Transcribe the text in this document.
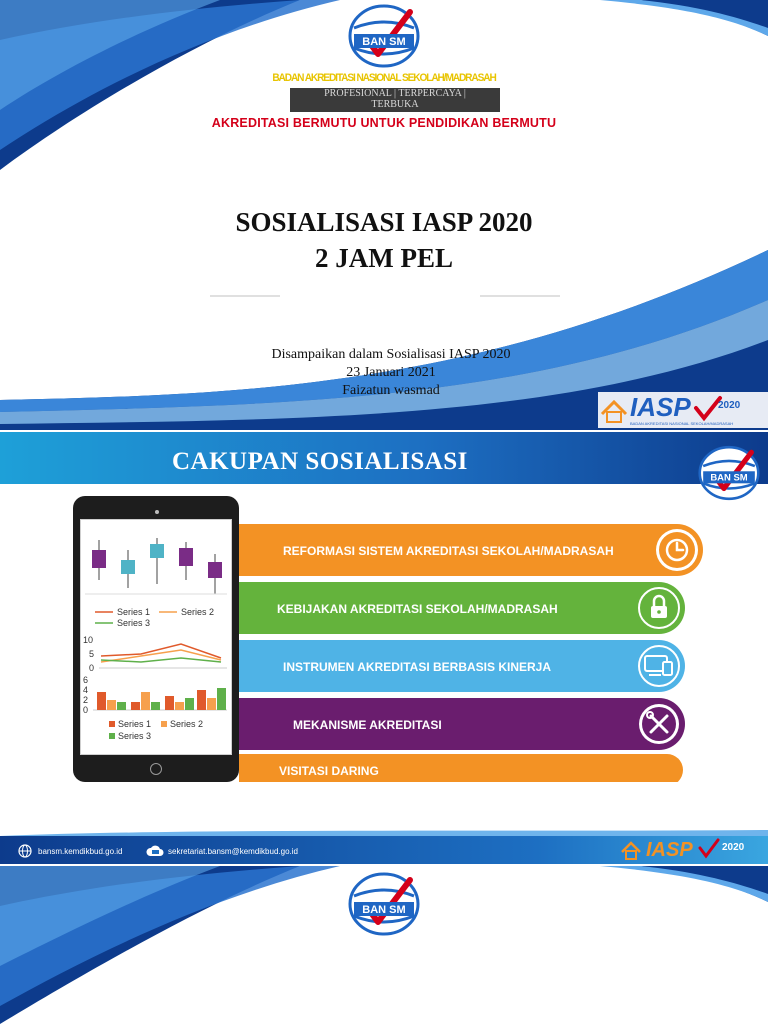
BAN SM
BADAN AKREDITASI NASIONAL SEKOLAH/MADRASAH
PROFESIONAL | TERPERCAYA |
TERBUKA
AKREDITASI BERMUTU UNTUK PENDIDIKAN BERMUTU
SOSIALISASI IASP 2020
2 JAM PEL
Disampaikan dalam Sosialisasi IASP 2020
23 Januari 2021
Faizatun wasmad
IASP	2020
BADAN AKREDITASI NASIONAL SEKOLAH/MADRASAH
CAKUPAN SOSIALISASI
BAN SM
Series 1	Series 2
Series 3
10
5
0
6
4
2
0
Series 1 Series 2
Series 3
REFORMASI SISTEM AKREDITASI SEKOLAH/MADRASAH
KEBIJAKAN AKREDITASI SEKOLAH/MADRASAH
INSTRUMEN AKREDITASI BERBASIS KINERJA
MEKANISME AKREDITASI
VISITASI DARING
bansm.kemdikbud.go.id	sekretariat.bansm@kemdikbud.go.id	IASP	2020
BAN SM
